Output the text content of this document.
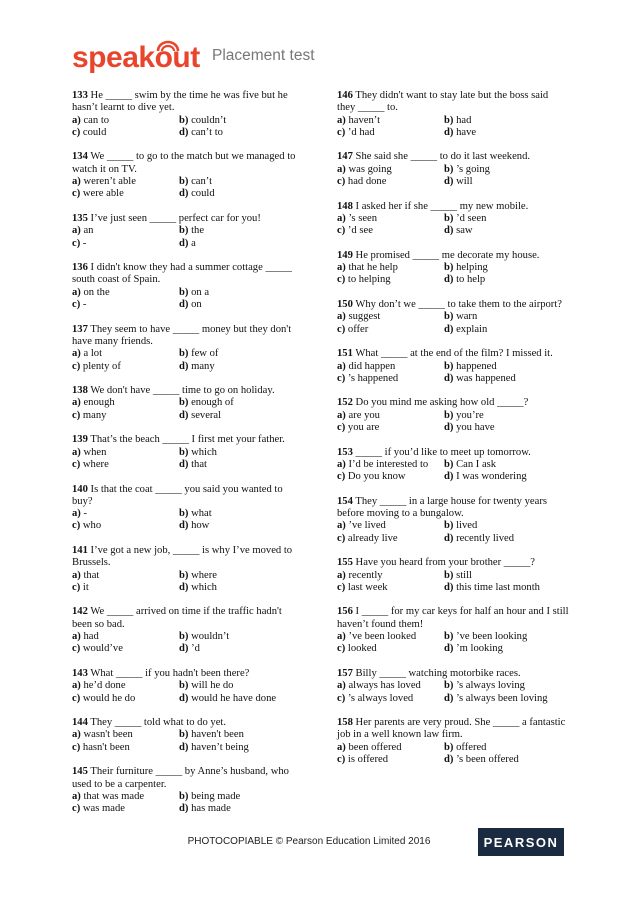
speakout Placement test
133 He _____ swim by the time he was five but he hasn’t learnt to dive yet.
a) can to	b) couldn’t
c) could	d) can’t to
134 We _____ to go to the match but we managed to watch it on TV.
a) weren’t able	b) can’t
c) were able	d) could
135 I’ve just seen _____ perfect car for you!
a) an	b) the
c) -	d) a
136 I didn't know they had a summer cottage _____ south coast of Spain.
a) on the	b) on a
c) -	d) on
137 They seem to have _____ money but they don't have many friends.
a) a lot	b) few of
c) plenty of	d) many
138 We don't have _____ time to go on holiday.
a) enough	b) enough of
c) many	d) several
139 That’s the beach _____ I first met your father.
a) when	b) which
c) where	d) that
140 Is that the coat _____ you said you wanted to buy?
a) -	b) what
c) who	d) how
141 I’ve got a new job, _____ is why I’ve moved to Brussels.
a) that	b) where
c) it	d) which
142 We _____ arrived on time if the traffic hadn't been so bad.
a) had	b) wouldn’t
c) would’ve	d) ’d
143 What _____ if you hadn't been there?
a) he’d done	b) will he do
c) would he do	d) would he have done
144 They _____ told what to do yet.
a) wasn't been	b) haven't been
c) hasn't been	d) haven’t being
145 Their furniture _____ by Anne’s husband, who used to be a carpenter.
a) that was made	b) being made
c) was made	d) has made
146 They didn't want to stay late but the boss said they _____ to.
a) haven’t	b) had
c) ’d had	d) have
147 She said she _____ to do it last weekend.
a) was going	b) ’s going
c) had done	d) will
148 I asked her if she _____ my new mobile.
a) ’s seen	b) ’d seen
c) ’d see	d) saw
149 He promised _____ me decorate my house.
a) that he help	b) helping
c) to helping	d) to help
150 Why don’t we _____ to take them to the airport?
a) suggest	b) warn
c) offer	d) explain
151 What _____ at the end of the film? I missed it.
a) did happen	b) happened
c) ’s happened	d) was happened
152 Do you mind me asking how old _____?
a) are you	b) you’re
c) you are	d) you have
153 _____ if you’d like to meet up tomorrow.
a) I’d be interested to	b) Can I ask
c) Do you know	d) I was wondering
154 They _____ in a large house for twenty years before moving to a bungalow.
a) ’ve lived	b) lived
c) already live	d) recently lived
155 Have you heard from your brother _____?
a) recently	b) still
c) last week	d) this time last month
156 I _____ for my car keys for half an hour and I still haven’t found them!
a) ’ve been looked	b) ’ve been looking
c) looked	d) ’m looking
157 Billy _____ watching motorbike races.
a) always has loved	b) ’s always loving
c) ’s always loved	d) ’s always been loving
158 Her parents are very proud. She _____ a fantastic job in a well known law firm.
a) been offered	b) offered
c) is offered	d) ’s been offered
PHOTOCOPIABLE © Pearson Education Limited 2016	PEARSON
